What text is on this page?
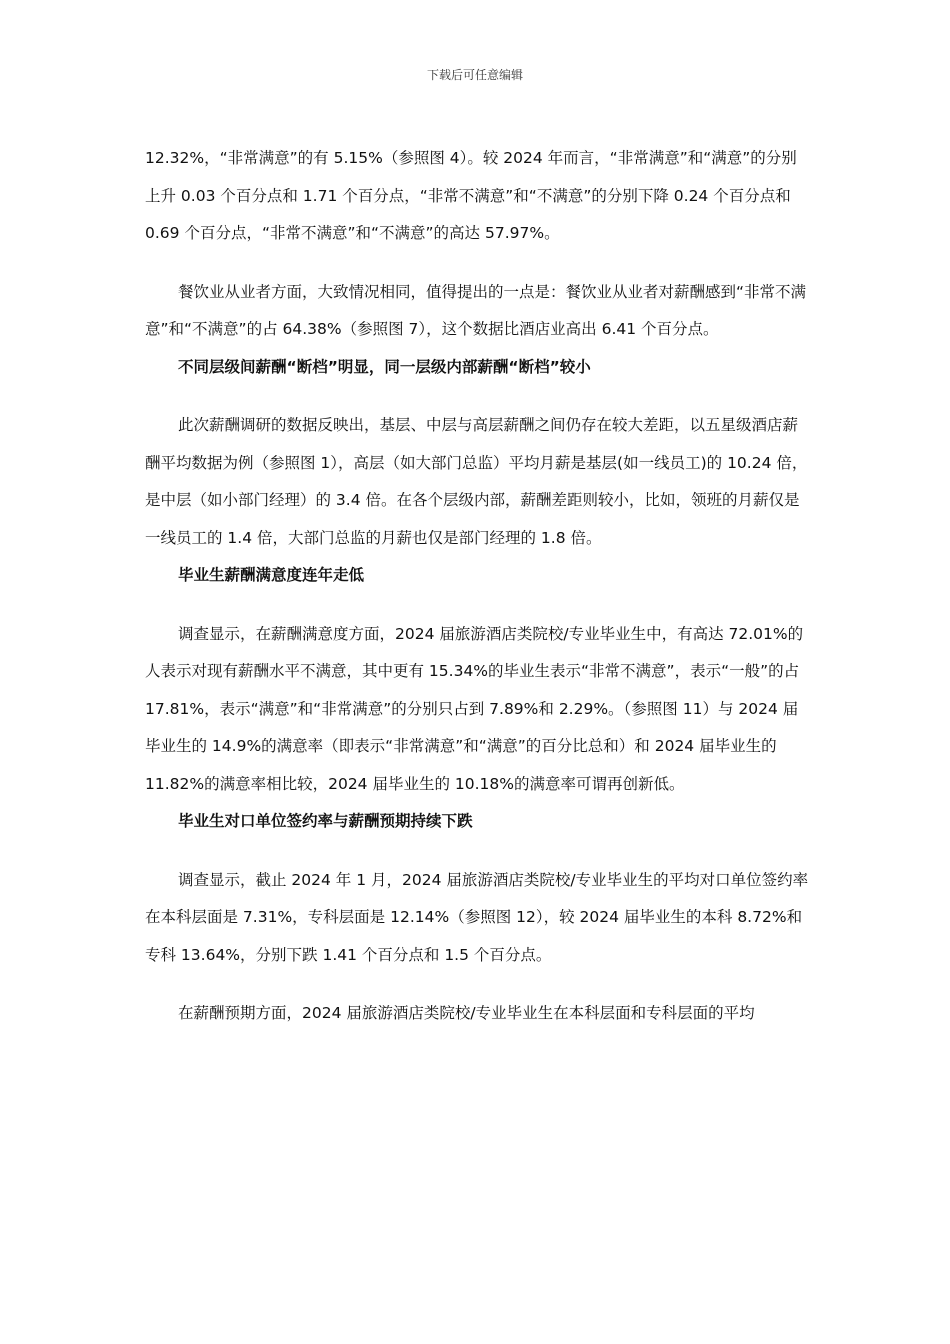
下载后可任意编辑

12.32%，“非常满意”的有 5.15%（参照图 4）。较 2024 年而言，“非常满意”和“满意”的分别上升 0.03 个百分点和 1.71 个百分点，“非常不满意”和“不满意”的分别下降 0.24 个百分点和 0.69 个百分点，“非常不满意”和“不满意”的高达 57.97%。

餐饮业从业者方面，大致情况相同，值得提出的一点是：餐饮业从业者对薪酬感到“非常不满意”和“不满意”的占 64.38%（参照图 7），这个数据比酒店业高出 6.41 个百分点。

不同层级间薪酬“断档”明显，同一层级内部薪酬“断档”较小

此次薪酬调研的数据反映出，基层、中层与高层薪酬之间仍存在较大差距，以五星级酒店薪酬平均数据为例（参照图 1），高层（如大部门总监）平均月薪是基层(如一线员工)的 10.24 倍，是中层（如小部门经理）的 3.4 倍。在各个层级内部，薪酬差距则较小，比如，领班的月薪仅是一线员工的 1.4 倍，大部门总监的月薪也仅是部门经理的 1.8 倍。

毕业生薪酬满意度连年走低

调查显示，在薪酬满意度方面，2024 届旅游酒店类院校/专业毕业生中，有高达 72.01%的人表示对现有薪酬水平不满意，其中更有 15.34%的毕业生表示“非常不满意”，表示“一般”的占 17.81%，表示“满意”和“非常满意”的分别只占到 7.89%和 2.29%。（参照图 11）与 2024 届毕业生的 14.9%的满意率（即表示“非常满意”和“满意”的百分比总和）和 2024 届毕业生的 11.82%的满意率相比较，2024 届毕业生的 10.18%的满意率可谓再创新低。

毕业生对口单位签约率与薪酬预期持续下跌

调查显示，截止 2024 年 1 月，2024 届旅游酒店类院校/专业毕业生的平均对口单位签约率在本科层面是 7.31%，专科层面是 12.14%（参照图 12），较 2024 届毕业生的本科 8.72%和专科 13.64%，分别下跌 1.41 个百分点和 1.5 个百分点。

在薪酬预期方面，2024 届旅游酒店类院校/专业毕业生在本科层面和专科层面的平均
